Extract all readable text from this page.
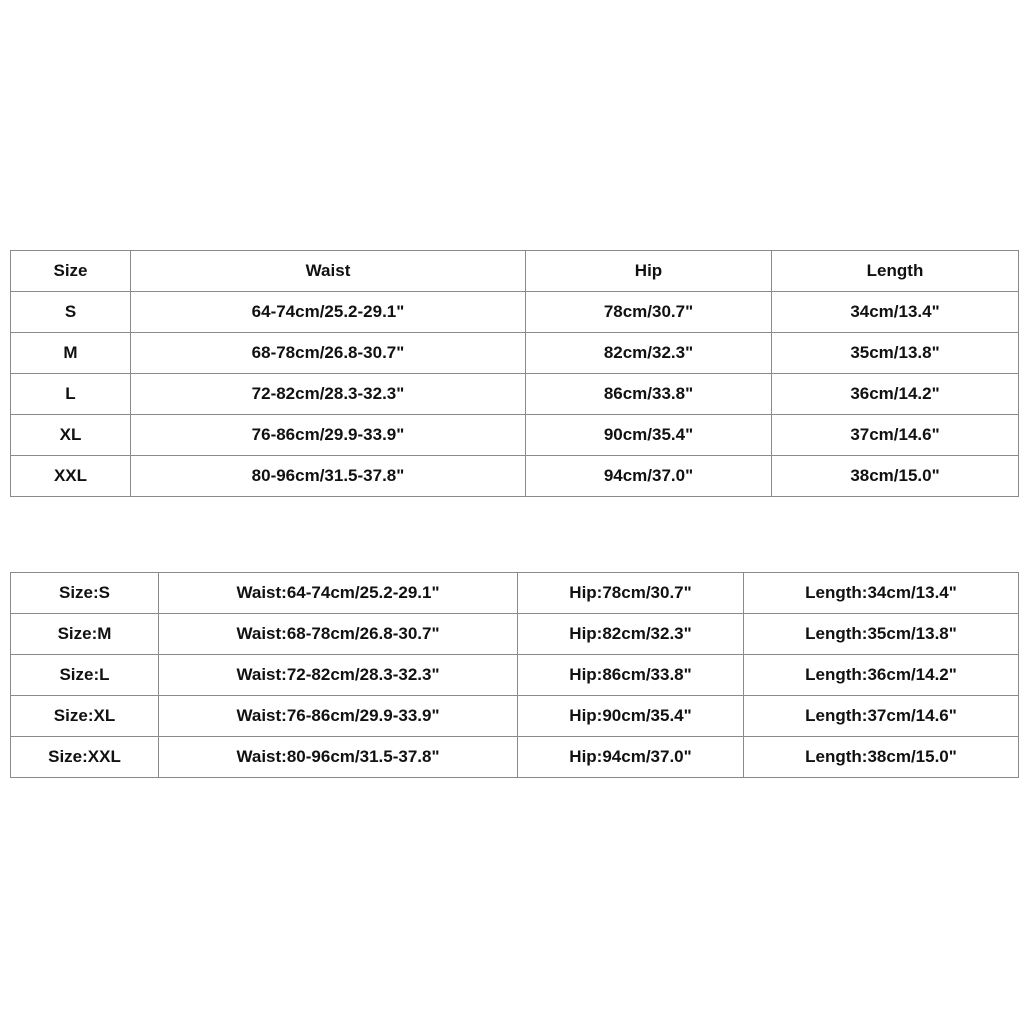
Size	Waist	Hip	Length
S	64-74cm/25.2-29.1"	78cm/30.7"	34cm/13.4"
M	68-78cm/26.8-30.7"	82cm/32.3"	35cm/13.8"
L	72-82cm/28.3-32.3"	86cm/33.8"	36cm/14.2"
XL	76-86cm/29.9-33.9"	90cm/35.4"	37cm/14.6"
XXL	80-96cm/31.5-37.8"	94cm/37.0"	38cm/15.0"
Size:S	Waist:64-74cm/25.2-29.1"	Hip:78cm/30.7"	Length:34cm/13.4"
Size:M	Waist:68-78cm/26.8-30.7"	Hip:82cm/32.3"	Length:35cm/13.8"
Size:L	Waist:72-82cm/28.3-32.3"	Hip:86cm/33.8"	Length:36cm/14.2"
Size:XL	Waist:76-86cm/29.9-33.9"	Hip:90cm/35.4"	Length:37cm/14.6"
Size:XXL	Waist:80-96cm/31.5-37.8"	Hip:94cm/37.0"	Length:38cm/15.0"
